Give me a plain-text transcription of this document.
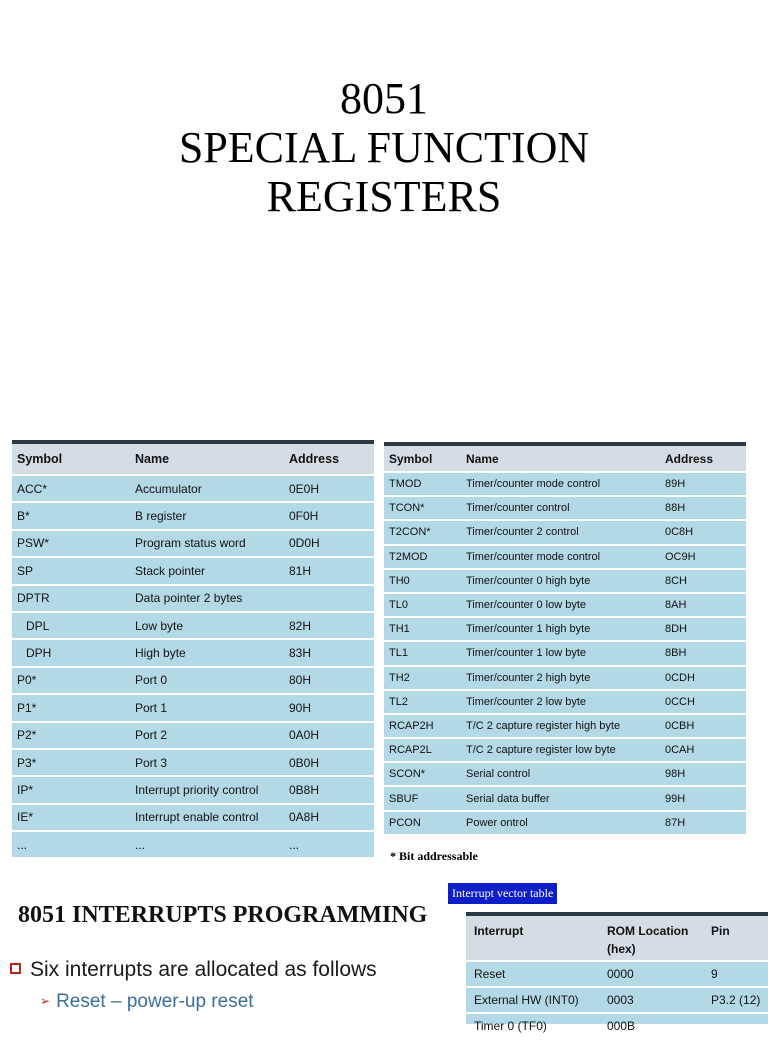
8051
SPECIAL FUNCTION
REGISTERS
Symbol	Name	Address
ACC*	Accumulator	0E0H
B*	B register	0F0H
PSW*	Program status word	0D0H
SP	Stack pointer	81H
DPTR	Data pointer 2 bytes	
DPL	Low byte	82H
DPH	High byte	83H
P0*	Port 0	80H
P1*	Port 1	90H
P2*	Port 2	0A0H
P3*	Port 3	0B0H
IP*	Interrupt priority control	0B8H
IE*	Interrupt enable control	0A8H
...	...	...
Symbol	Name	Address
TMOD	Timer/counter mode control	89H
TCON*	Timer/counter control	88H
T2CON*	Timer/counter 2 control	0C8H
T2MOD	Timer/counter mode control	OC9H
TH0	Timer/counter 0 high byte	8CH
TL0	Timer/counter 0 low byte	8AH
TH1	Timer/counter 1 high byte	8DH
TL1	Timer/counter 1 low byte	8BH
TH2	Timer/counter 2 high byte	0CDH
TL2	Timer/counter 2 low byte	0CCH
RCAP2H	T/C 2 capture register high byte	0CBH
RCAP2L	T/C 2 capture register low byte	0CAH
SCON*	Serial control	98H
SBUF	Serial data buffer	99H
PCON	Power ontrol	87H
* Bit addressable
8051 INTERRUPTS PROGRAMMING
Six interrupts are allocated as follows
➢ Reset – power-up reset
Interrupt vector table
Interrupt	ROM Location (hex)	Pin
Reset	0000	9
External HW (INT0)	0003	P3.2 (12)
Timer 0 (TF0)	000B	
